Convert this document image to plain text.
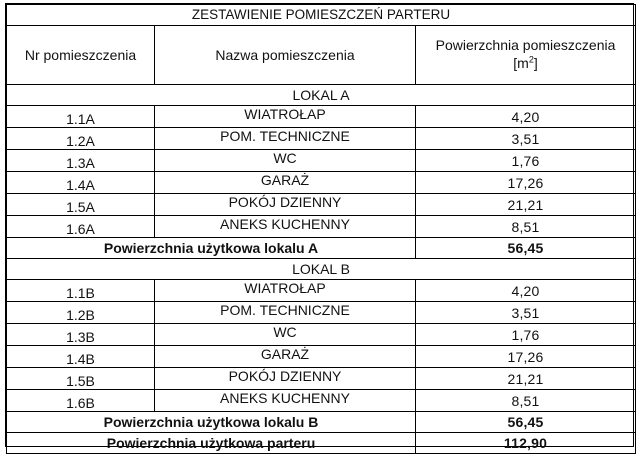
ZESTAWIENIE POMIESZCZEŃ PARTERU		
Nr pomieszczenia	Nazwa pomieszczenia	Powierzchnia pomieszczenia
$[m^2]$
LOKAL A		
1.1A	WIATROŁAP	4,20
1.2A	POM. TECHNICZNE	3,51
1.3A	WC	1,76
1.4A	GARAŻ	17,26
1.5A	POKÓJ DZIENNY	21,21
1.6A	ANEKS KUCHENNY	8,51
Powierzchnia użytkowa lokalu A		56,45
LOKAL B		
1.1B	WIATROŁAP	4,20
1.2B	POM. TECHNICZNE	3,51
1.3B	WC	1,76
1.4B	GARAŻ	17,26
1.5B	POKÓJ DZIENNY	21,21
1.6B	ANEKS KUCHENNY	8,51
Powierzchnia użytkowa lokalu B		56,45
Powierzchnia użytkowa parteru		112,90
